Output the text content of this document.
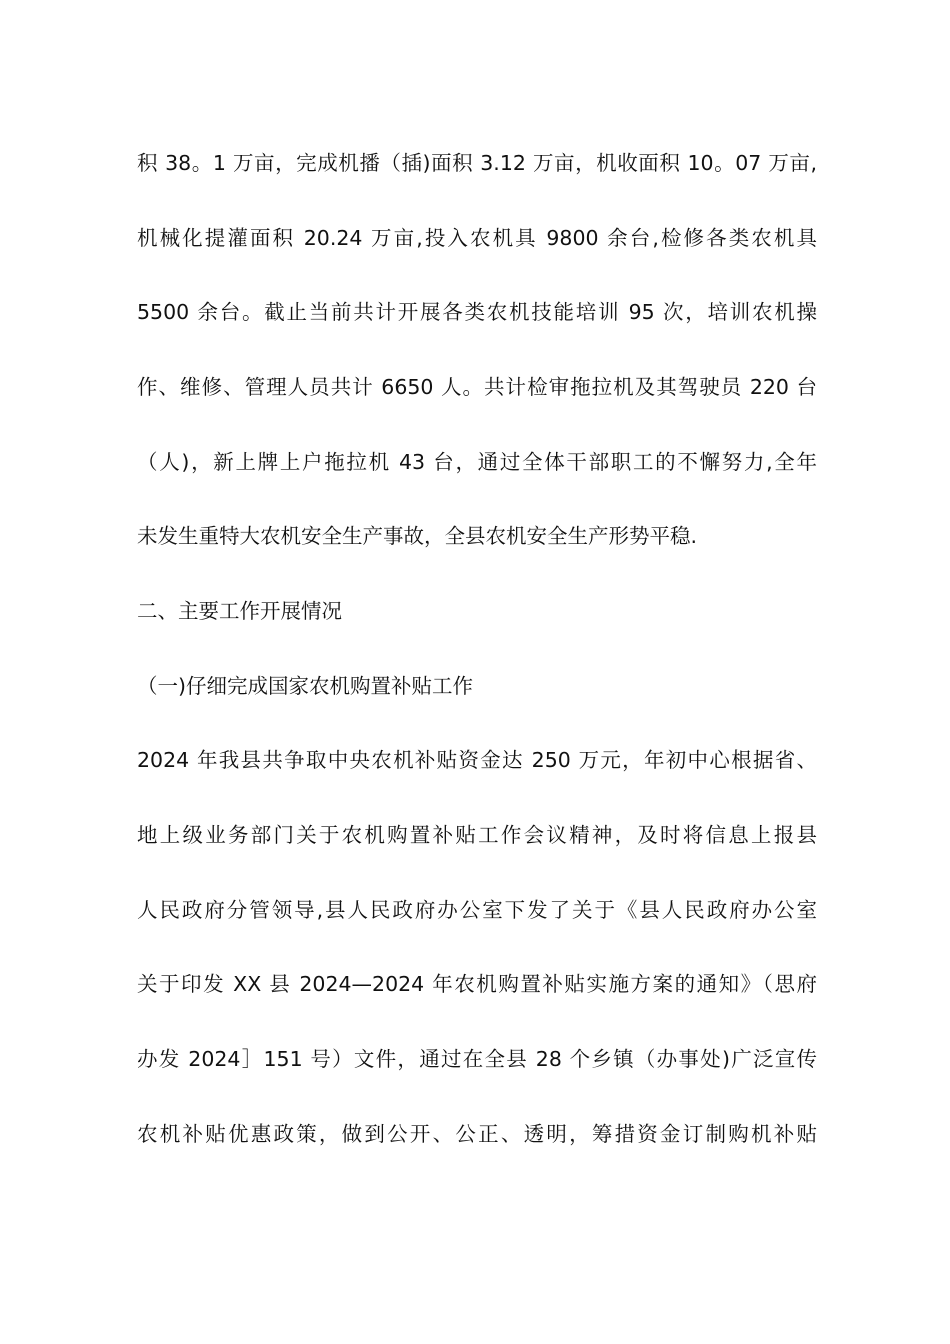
积 38。1 万亩，完成机播（插)面积 3.12 万亩，机收面积 10。07 万亩,
机械化提灌面积 20.24 万亩,投入农机具 9800 余台,检修各类农机具
5500 余台。截止当前共计开展各类农机技能培训 95 次，培训农机操
作、维修、管理人员共计 6650 人。共计检审拖拉机及其驾驶员 220 台
（人)，新上牌上户拖拉机 43 台，通过全体干部职工的不懈努力,全年
未发生重特大农机安全生产事故，全县农机安全生产形势平稳.
二、主要工作开展情况
（一)仔细完成国家农机购置补贴工作
2024 年我县共争取中央农机补贴资金达 250 万元，年初中心根据省、
地上级业务部门关于农机购置补贴工作会议精神，及时将信息上报县
人民政府分管领导,县人民政府办公室下发了关于《县人民政府办公室
关于印发 XX 县 2024—2024 年农机购置补贴实施方案的通知》（思府
办发 2024］151 号）文件，通过在全县 28 个乡镇（办事处)广泛宣传
农机补贴优惠政策，做到公开、公正、透明，筹措资金订制购机补贴
